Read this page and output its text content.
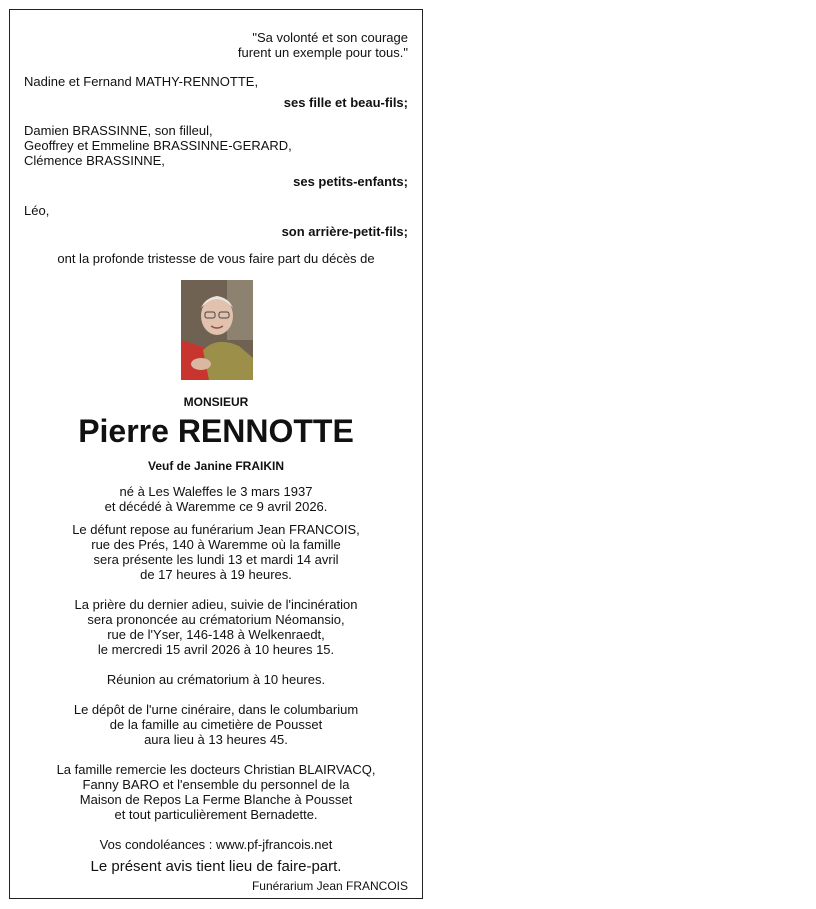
"Sa volonté et son courage
furent un exemple pour tous."
Nadine et Fernand MATHY-RENNOTTE,
ses fille et beau-fils;
Damien BRASSINNE, son filleul,
Geoffrey et Emmeline BRASSINNE-GERARD,
Clémence BRASSINNE,
ses petits-enfants;
Léo,
son arrière-petit-fils;
ont la profonde tristesse de vous faire part du décès de
MONSIEUR
Pierre RENNOTTE
Veuf de Janine FRAIKIN
né à Les Waleffes le 3 mars 1937
et décédé à Waremme ce 9 avril 2026.
Le défunt repose au funérarium Jean FRANCOIS,
rue des Prés, 140 à Waremme où la famille
sera présente les lundi 13 et mardi 14 avril
de 17 heures à 19 heures.
La prière du dernier adieu, suivie de l'incinération
sera prononcée au crématorium Néomansio,
rue de l'Yser, 146-148 à Welkenraedt,
le mercredi 15 avril 2026 à 10 heures 15.
Réunion au crématorium à 10 heures.
Le dépôt de l'urne cinéraire, dans le columbarium
de la famille au cimetière de Pousset
aura lieu à 13 heures 45.
La famille remercie les docteurs Christian BLAIRVACQ,
Fanny BARO et l'ensemble du personnel de la
Maison de Repos La Ferme Blanche à Pousset
et tout particulièrement Bernadette.
Vos condoléances : www.pf-jfrancois.net
Le présent avis tient lieu de faire-part.
Funérarium Jean FRANCOIS
